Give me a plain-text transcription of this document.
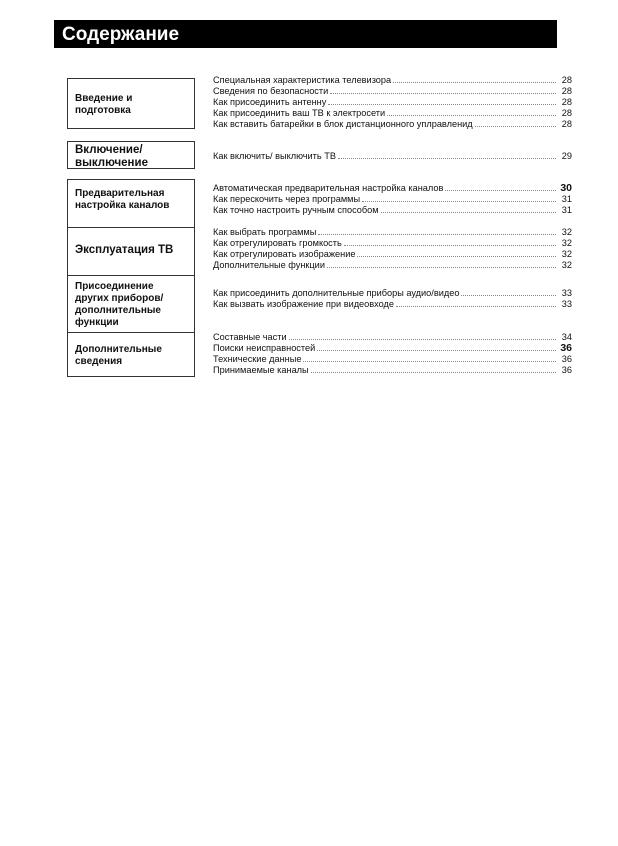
Содержание
Введение и
подготовка
Включение/
выключение
Предварительная
настройка каналов
Эксплуатация ТВ
Присоединение
других приборов/
дополнительные
функции
Дополнительные
сведения
Специальная характеристика телевизора	28
Сведения по безопасности	28
Как присоединить антенну	28
Как присоединить ваш ТВ к электросети	28
Как вставить батарейки в блок дистанционного уплравленид	28
Как включить/ выключить ТВ	29
Автоматическая предварительная настройка каналов	30
Как перескочить через программы	31
Как точно настроить ручным способом	31
Как выбрать программы	32
Как отрегулировать громкость	32
Как отрегулировать изображение	32
Дополнительные функции	32
Как присоединить дополнительные приборы аудио/видео	33
Как вызвать изображение при видеовходе	33
Составные части	34
Поиски неисправностей	36
Технические данные	36
Принимаемые каналы	36
